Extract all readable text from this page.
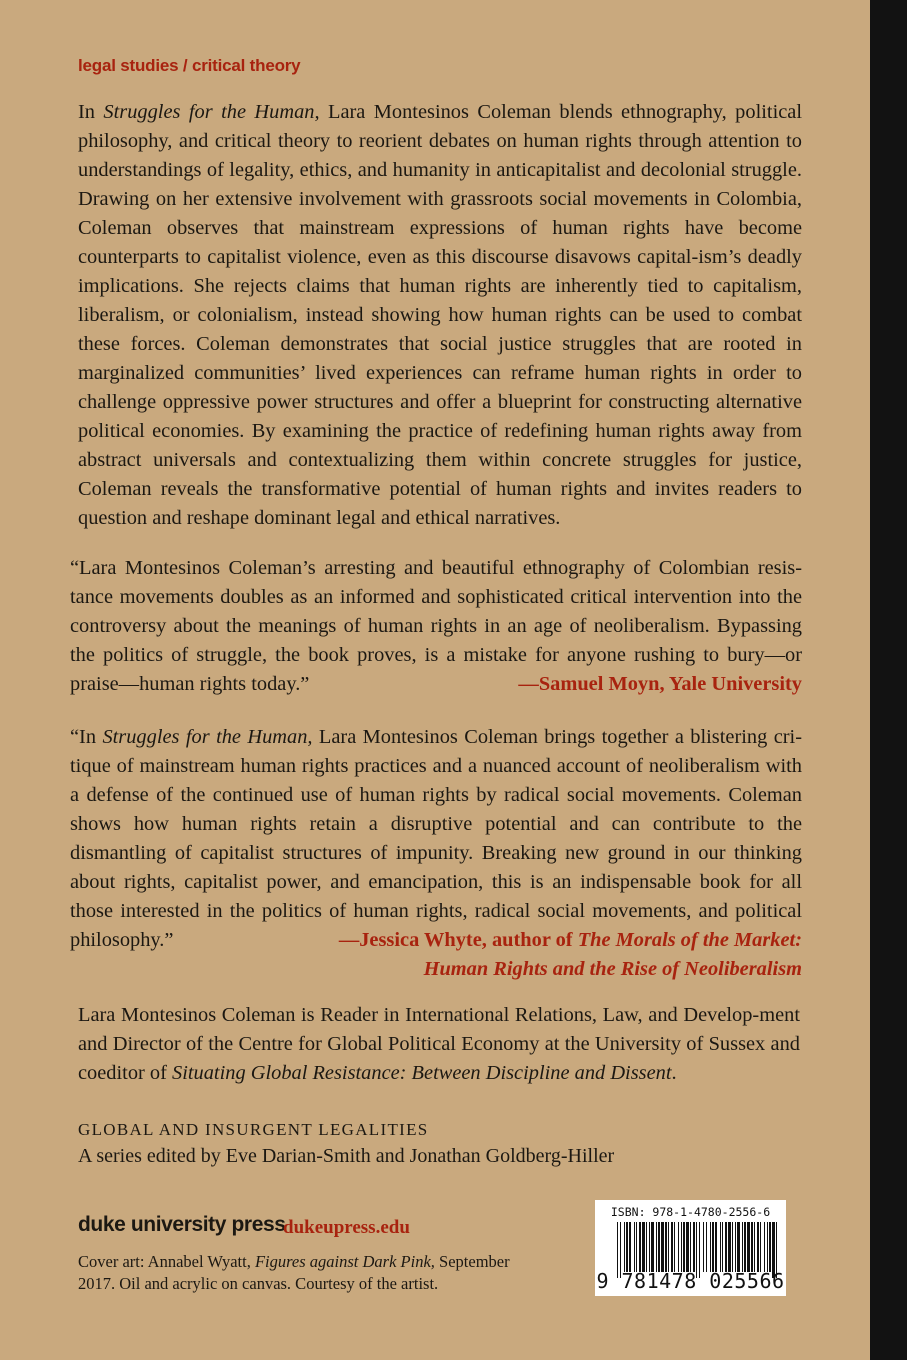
legal studies / critical theory

In Struggles for the Human, Lara Montesinos Coleman blends ethnography, political philosophy, and critical theory to reorient debates on human rights through attention to understandings of legality, ethics, and humanity in anticapitalist and decolonial struggle. Drawing on her extensive involvement with grassroots social movements in Colombia, Coleman observes that mainstream expressions of human rights have become counterparts to capitalist violence, even as this discourse disavows capital-ism’s deadly implications. She rejects claims that human rights are inherently tied to capitalism, liberalism, or colonialism, instead showing how human rights can be used to combat these forces. Coleman demonstrates that social justice struggles that are rooted in marginalized communities’ lived experiences can reframe human rights in order to challenge oppressive power structures and offer a blueprint for constructing alternative political economies. By examining the practice of redefining human rights away from abstract universals and contextualizing them within concrete struggles for justice, Coleman reveals the transformative potential of human rights and invites readers to question and reshape dominant legal and ethical narratives.

“Lara Montesinos Coleman’s arresting and beautiful ethnography of Colombian resis-tance movements doubles as an informed and sophisticated critical intervention into the controversy about the meanings of human rights in an age of neoliberalism. Bypassing the politics of struggle, the book proves, is a mistake for anyone rushing to bury—or praise—human rights today.”	—Samuel Moyn, Yale University

“In Struggles for the Human, Lara Montesinos Coleman brings together a blistering cri-tique of mainstream human rights practices and a nuanced account of neoliberalism with a defense of the continued use of human rights by radical social movements. Coleman shows how human rights retain a disruptive potential and can contribute to the dismantling of capitalist structures of impunity. Breaking new ground in our thinking about rights, capitalist power, and emancipation, this is an indispensable book for all those interested in the politics of human rights, radical social movements, and political philosophy.”	—Jessica Whyte, author of The Morals of the Market:
Human Rights and the Rise of Neoliberalism

Lara Montesinos Coleman is Reader in International Relations, Law, and Develop-ment and Director of the Centre for Global Political Economy at the University of Sussex and coeditor of Situating Global Resistance: Between Discipline and Dissent.

GLOBAL AND INSURGENT LEGALITIES
A series edited by Eve Darian-Smith and Jonathan Goldberg-Hiller
duke university press
dukeupress.edu

Cover art: Annabel Wyatt, Figures against Dark Pink, September 2017. Oil and acrylic on canvas. Courtesy of the artist.

ISBN: 978-1-4780-2556-6
9 781478 025566
